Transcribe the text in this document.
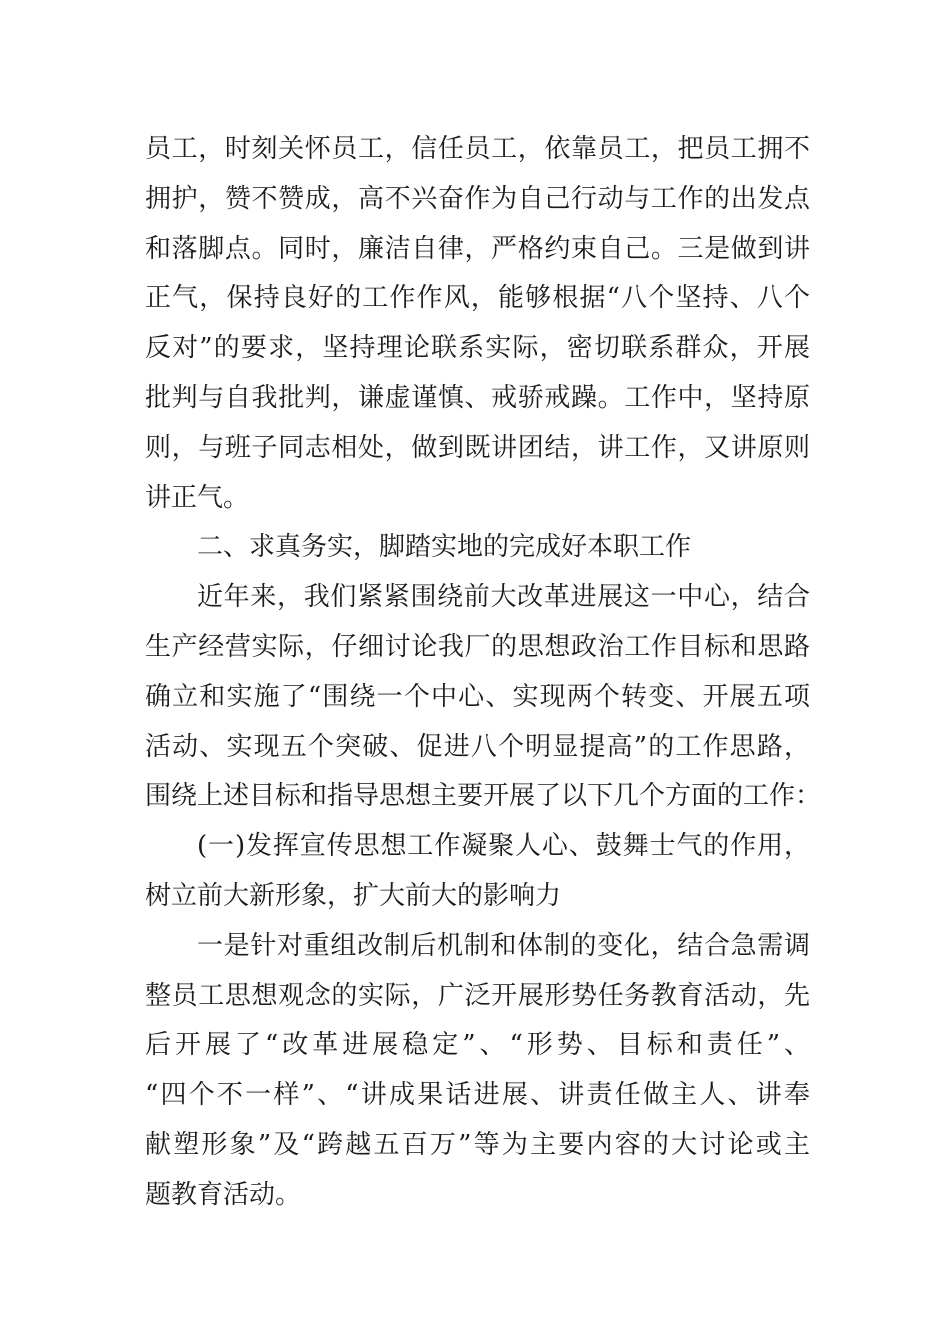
员工，时刻关怀员工，信任员工，依靠员工，把员工拥不
拥护，赞不赞成，高不兴奋作为自己行动与工作的出发点
和落脚点。同时，廉洁自律，严格约束自己。三是做到讲
正气，保持良好的工作作风，能够根据“八个坚持、八个
反对”的要求，坚持理论联系实际，密切联系群众，开展
批判与自我批判，谦虚谨慎、戒骄戒躁。工作中，坚持原
则，与班子同志相处，做到既讲团结，讲工作，又讲原则
讲正气。
二、求真务实，脚踏实地的完成好本职工作
近年来，我们紧紧围绕前大改革进展这一中心，结合
生产经营实际，仔细讨论我厂的思想政治工作目标和思路
确立和实施了“围绕一个中心、实现两个转变、开展五项
活动、实现五个突破、促进八个明显提高”的工作思路，
围绕上述目标和指导思想主要开展了以下几个方面的工作：
(一)发挥宣传思想工作凝聚人心、鼓舞士气的作用，
树立前大新形象，扩大前大的影响力
一是针对重组改制后机制和体制的变化，结合急需调
整员工思想观念的实际，广泛开展形势任务教育活动，先
后开展了“改革进展稳定”、“形势、目标和责任”、
“四个不一样”、“讲成果话进展、讲责任做主人、讲奉
献塑形象”及“跨越五百万”等为主要内容的大讨论或主
题教育活动。
